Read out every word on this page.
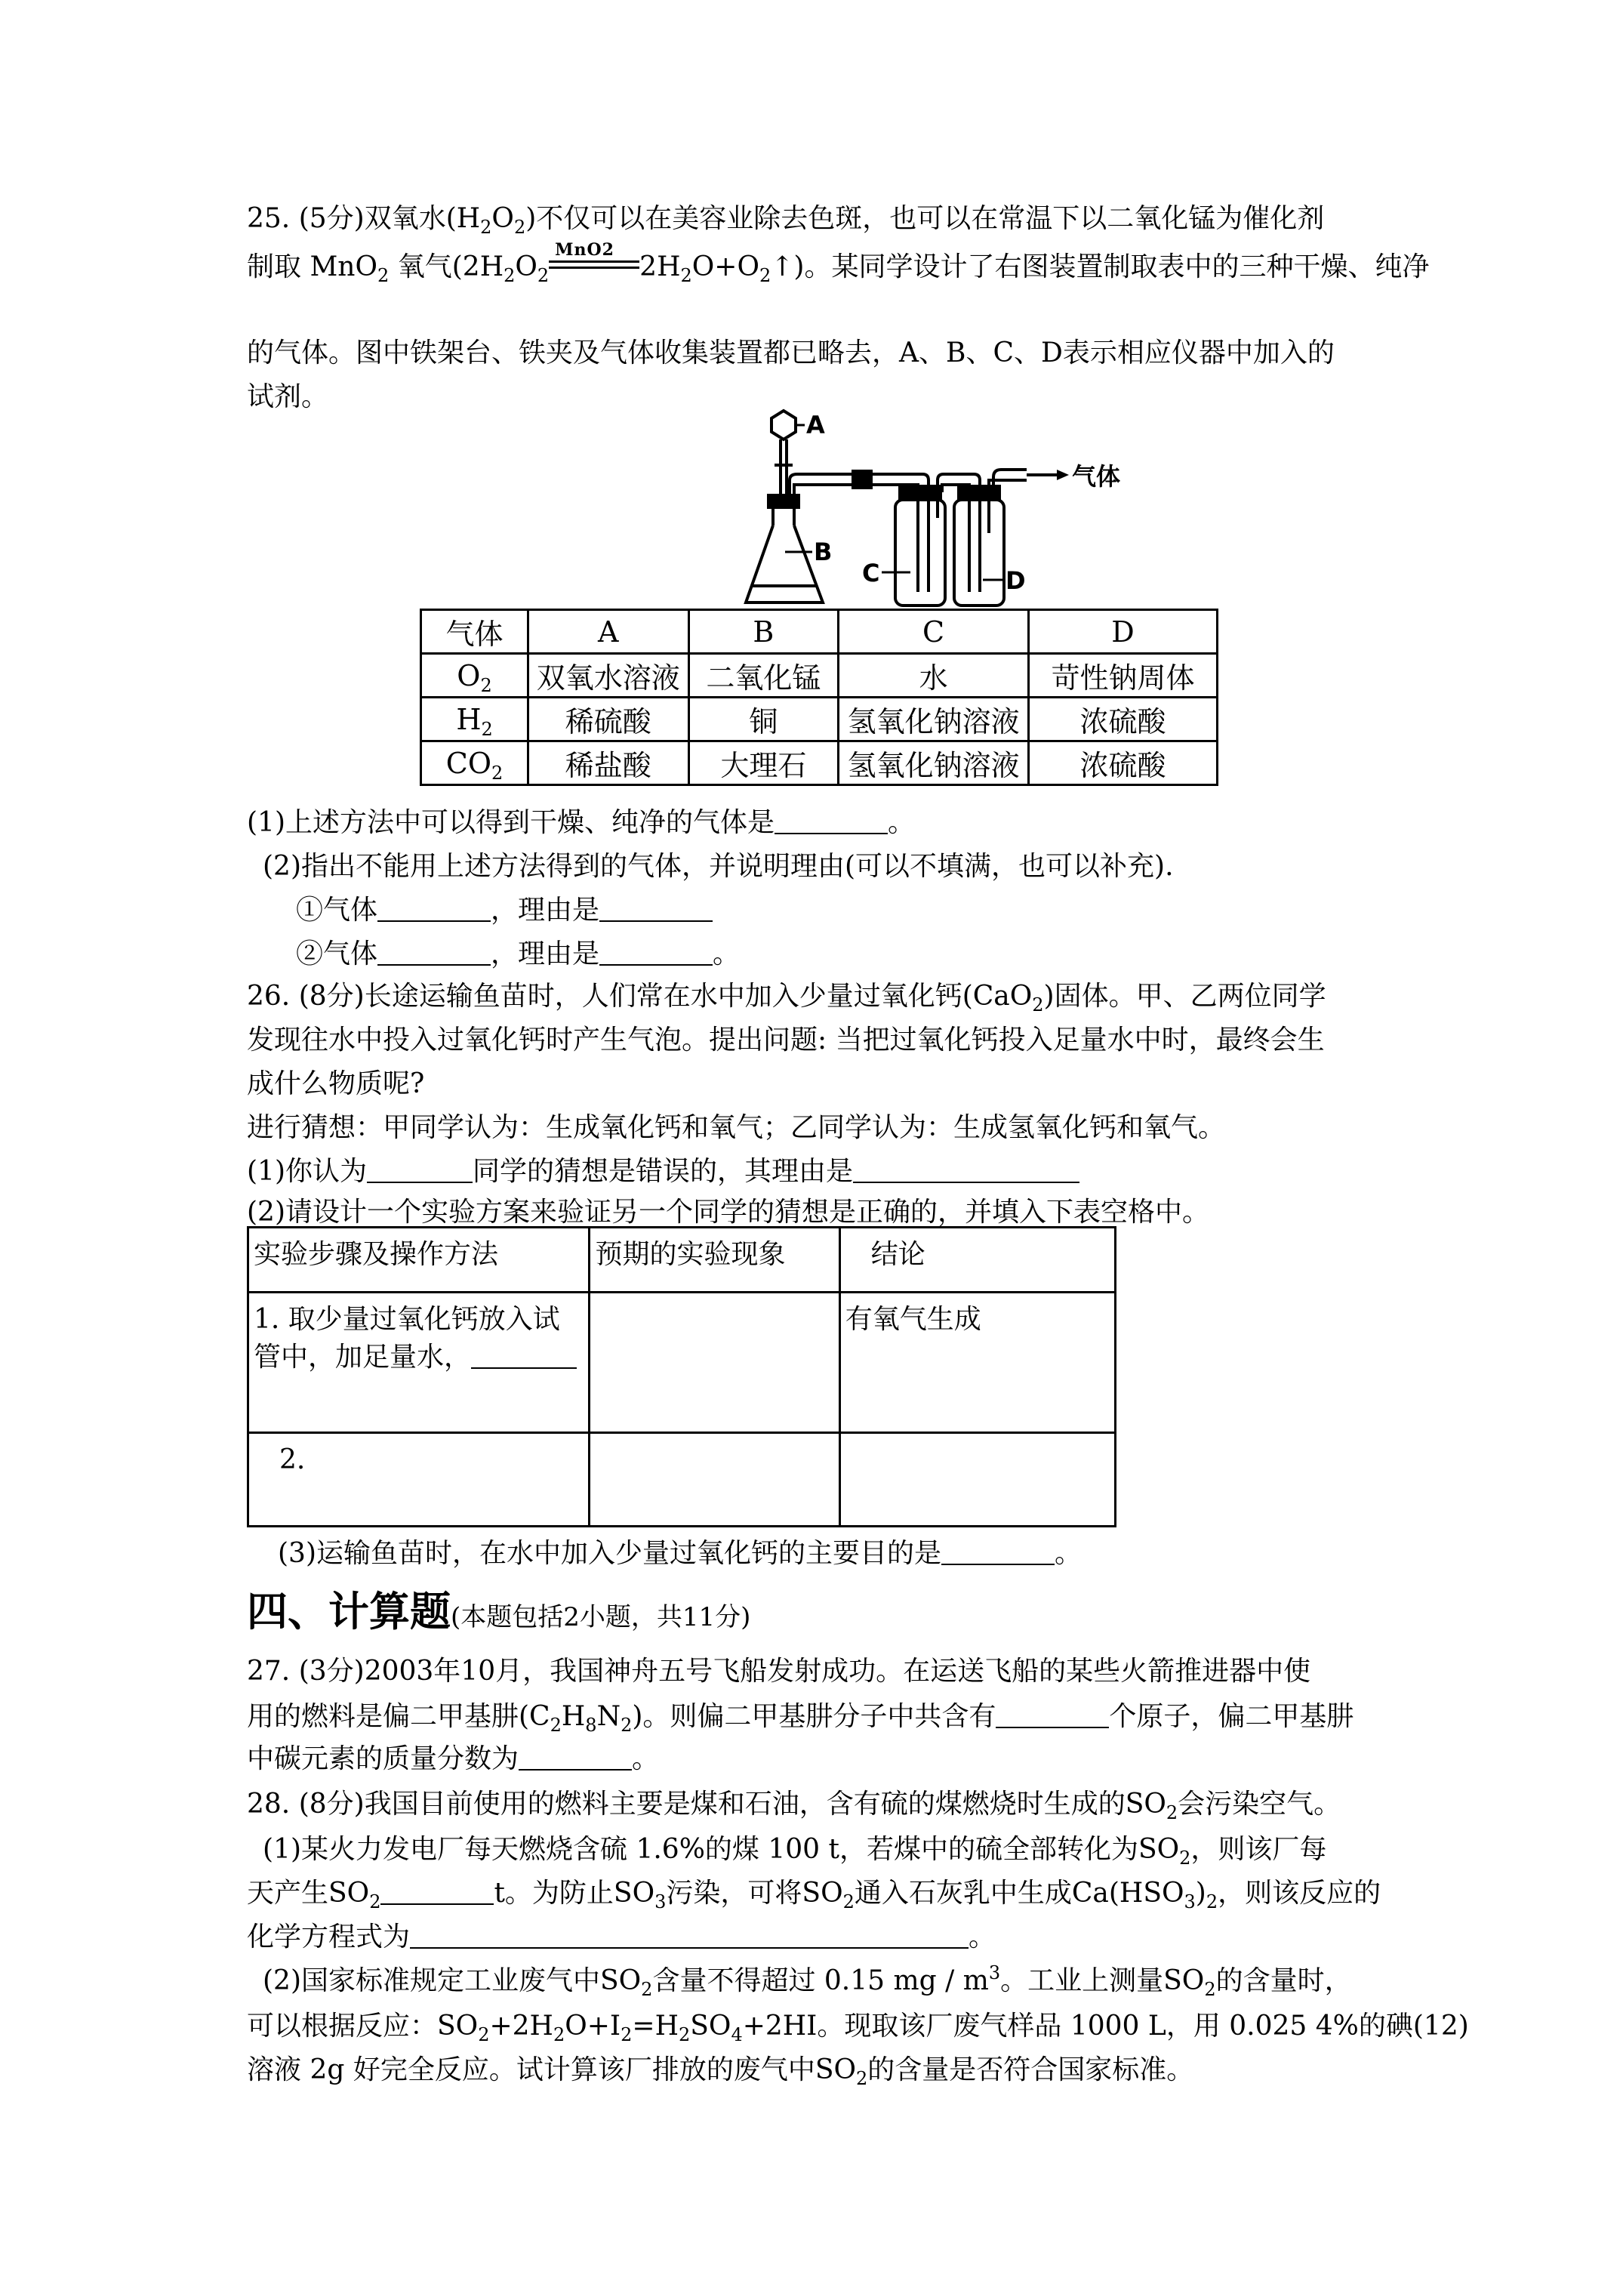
25. (5分)双氧水$(H_2O_2)$不仅可以在美容业除去色斑，也可以在常温下以二氧化锰为催化剂
制取 MnO$_2$ 氧气($2H_2O_2$
MnO2
$2H_2O+O_2↑$)。某同学设计了右图装置制取表中的三种干燥、纯净
的气体。图中铁架台、铁夹及气体收集装置都已略去，A、B、C、D表示相应仪器中加入的
试剂。
A
B
C	D
气体
气体	A	B	C	D
$O_2$	双氧水溶液	二氧化锰	水	苛性钠周体
$H_2$	稀硫酸	铜	氢氧化钠溶液	浓硫酸
$CO_2$	稀盐酸	大理石	氢氧化钠溶液	浓硫酸
(1)上述方法中可以得到干燥、纯净的气体是	。
(2)指出不能用上述方法得到的气体，并说明理由(可以不填满，也可以补充).
①气体	，理由是
②气体	，理由是	。
26. (8分)长途运输鱼苗时，人们常在水中加入少量过氧化钙(CaO$_2$)固体。甲、乙两位同学
发现往水中投入过氧化钙时产生气泡。提出问题: 当把过氧化钙投入足量水中时，最终会生
成什么物质呢?
进行猜想：甲同学认为：生成氧化钙和氧气；乙同学认为：生成氢氧化钙和氧气。
(1)你认为	同学的猜想是错误的，其理由是
(2)请设计一个实验方案来验证另一个同学的猜想是正确的，并填入下表空格中。
实验步骤及操作方法	预期的实验现象	结论

1. 取少量过氧化钙放入试
管中，加足量水，		有氧气生成
2.		
(3)运输鱼苗时，在水中加入少量过氧化钙的主要目的是	。
四、计算题(本题包括2小题，共11分)
27. (3分)2003年10月，我国神舟五号飞船发射成功。在运送飞船的某些火箭推进器中使
用的燃料是偏二甲基肼$(C_2H_8N_2)$。则偏二甲基肼分子中共含有	个原子，偏二甲基肼
中碳元素的质量分数为	。
28. (8分)我国目前使用的燃料主要是煤和石油，含有硫的煤燃烧时生成的$SO_2$会污染空气。
(1)某火力发电厂每天燃烧含硫 1.6%的煤 100 t，若煤中的硫全部转化为$SO_2$，则该厂每
天产生$SO_2$	t。为防止$SO_3$污染，可将$SO_2$通入石灰乳中生成$Ca(HSO_3)_2$，则该反应的
化学方程式为	。
(2)国家标准规定工业废气中$SO_2$含量不得超过 0.15 mg / $m^3$。工业上测量$SO_2$的含量时，
可以根据反应：$SO_2+2H_2O+I_2=H_2SO_4+2HI$。现取该厂废气样品 1000 L，用 0.025 4%的碘(12)
溶液 2g 好完全反应。试计算该厂排放的废气中$SO_2$的含量是否符合国家标准。
